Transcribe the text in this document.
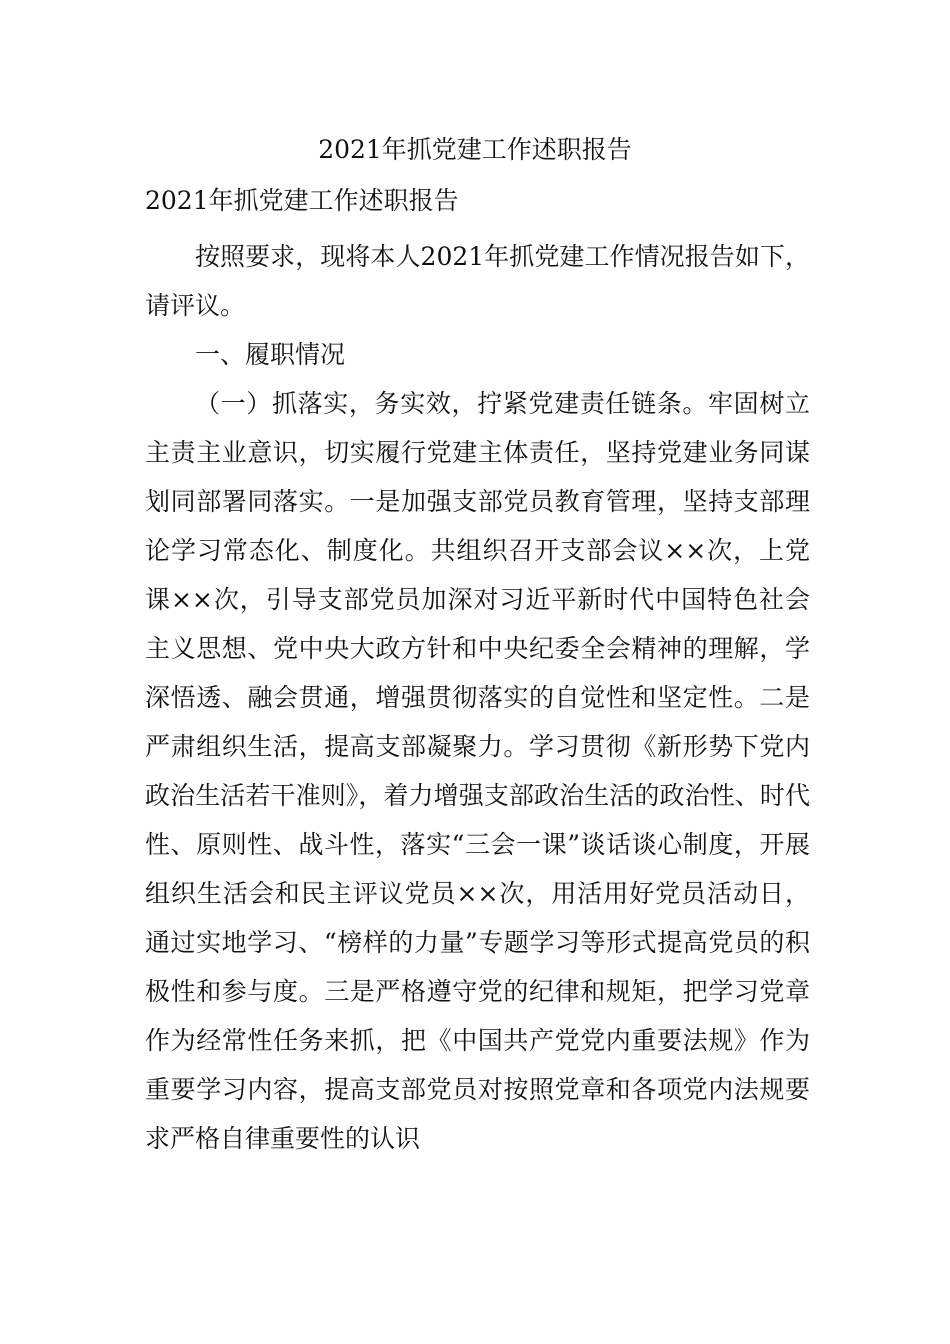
2021年抓党建工作述职报告
2021年抓党建工作述职报告

按照要求，现将本人2021年抓党建工作情况报告如下，请评议。

一、履职情况

（一）抓落实，务实效，拧紧党建责任链条。牢固树立主责主业意识，切实履行党建主体责任，坚持党建业务同谋划同部署同落实。一是加强支部党员教育管理，坚持支部理论学习常态化、制度化。共组织召开支部会议××次，上党课××次，引导支部党员加深对习近平新时代中国特色社会主义思想、党中央大政方针和中央纪委全会精神的理解，学深悟透、融会贯通，增强贯彻落实的自觉性和坚定性。二是严肃组织生活，提高支部凝聚力。学习贯彻《新形势下党内政治生活若干准则》，着力增强支部政治生活的政治性、时代性、原则性、战斗性，落实“三会一课”谈话谈心制度，开展组织生活会和民主评议党员××次，用活用好党员活动日，通过实地学习、“榜样的力量”专题学习等形式提高党员的积极性和参与度。三是严格遵守党的纪律和规矩，把学习党章作为经常性任务来抓，把《中国共产党党内重要法规》作为重要学习内容，提高支部党员对按照党章和各项党内法规要求严格自律重要性的认识
